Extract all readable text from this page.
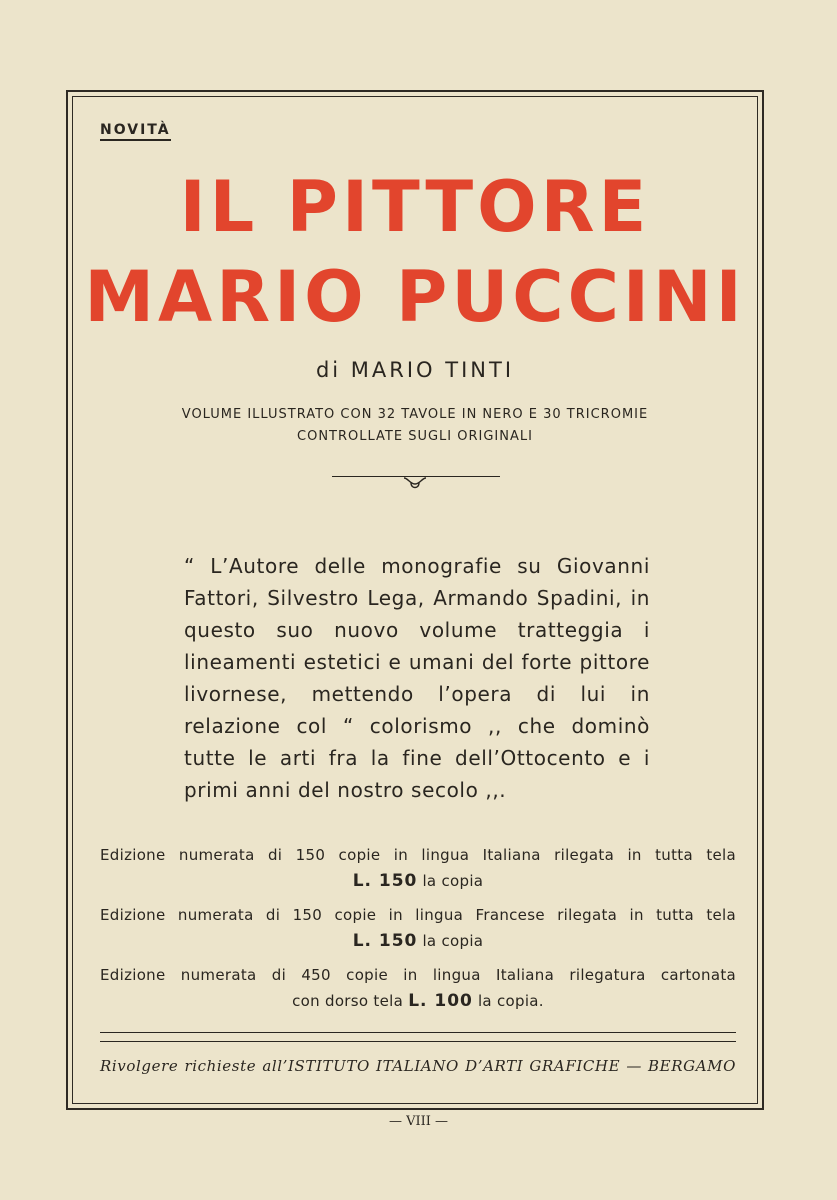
NOVITÀ
IL PITTORE
MARIO PUCCINI
di MARIO TINTI
VOLUME ILLUSTRATO CON 32 TAVOLE IN NERO E 30 TRICROMIE
CONTROLLATE SUGLI ORIGINALI
“ L’Autore delle monografie su Giovanni Fattori, Silvestro Lega, Armando Spadini, in questo suo nuovo volume tratteggia i lineamenti estetici e umani del forte pittore livornese, mettendo l’opera di lui in relazione col “ colorismo ,, che dominò tutte le arti fra la fine dell’Ottocento e i primi anni del nostro secolo ,,.
Edizione numerata di 150 copie in lingua Italiana rilegata in tutta tela
L. 150 la copia
Edizione numerata di 150 copie in lingua Francese rilegata in tutta tela
L. 150 la copia
Edizione numerata di 450 copie in lingua Italiana rilegatura cartonata
con dorso tela L. 100 la copia.
Rivolgere richieste all’ISTITUTO ITALIANO D’ARTI GRAFICHE — BERGAMO
— VIII —
